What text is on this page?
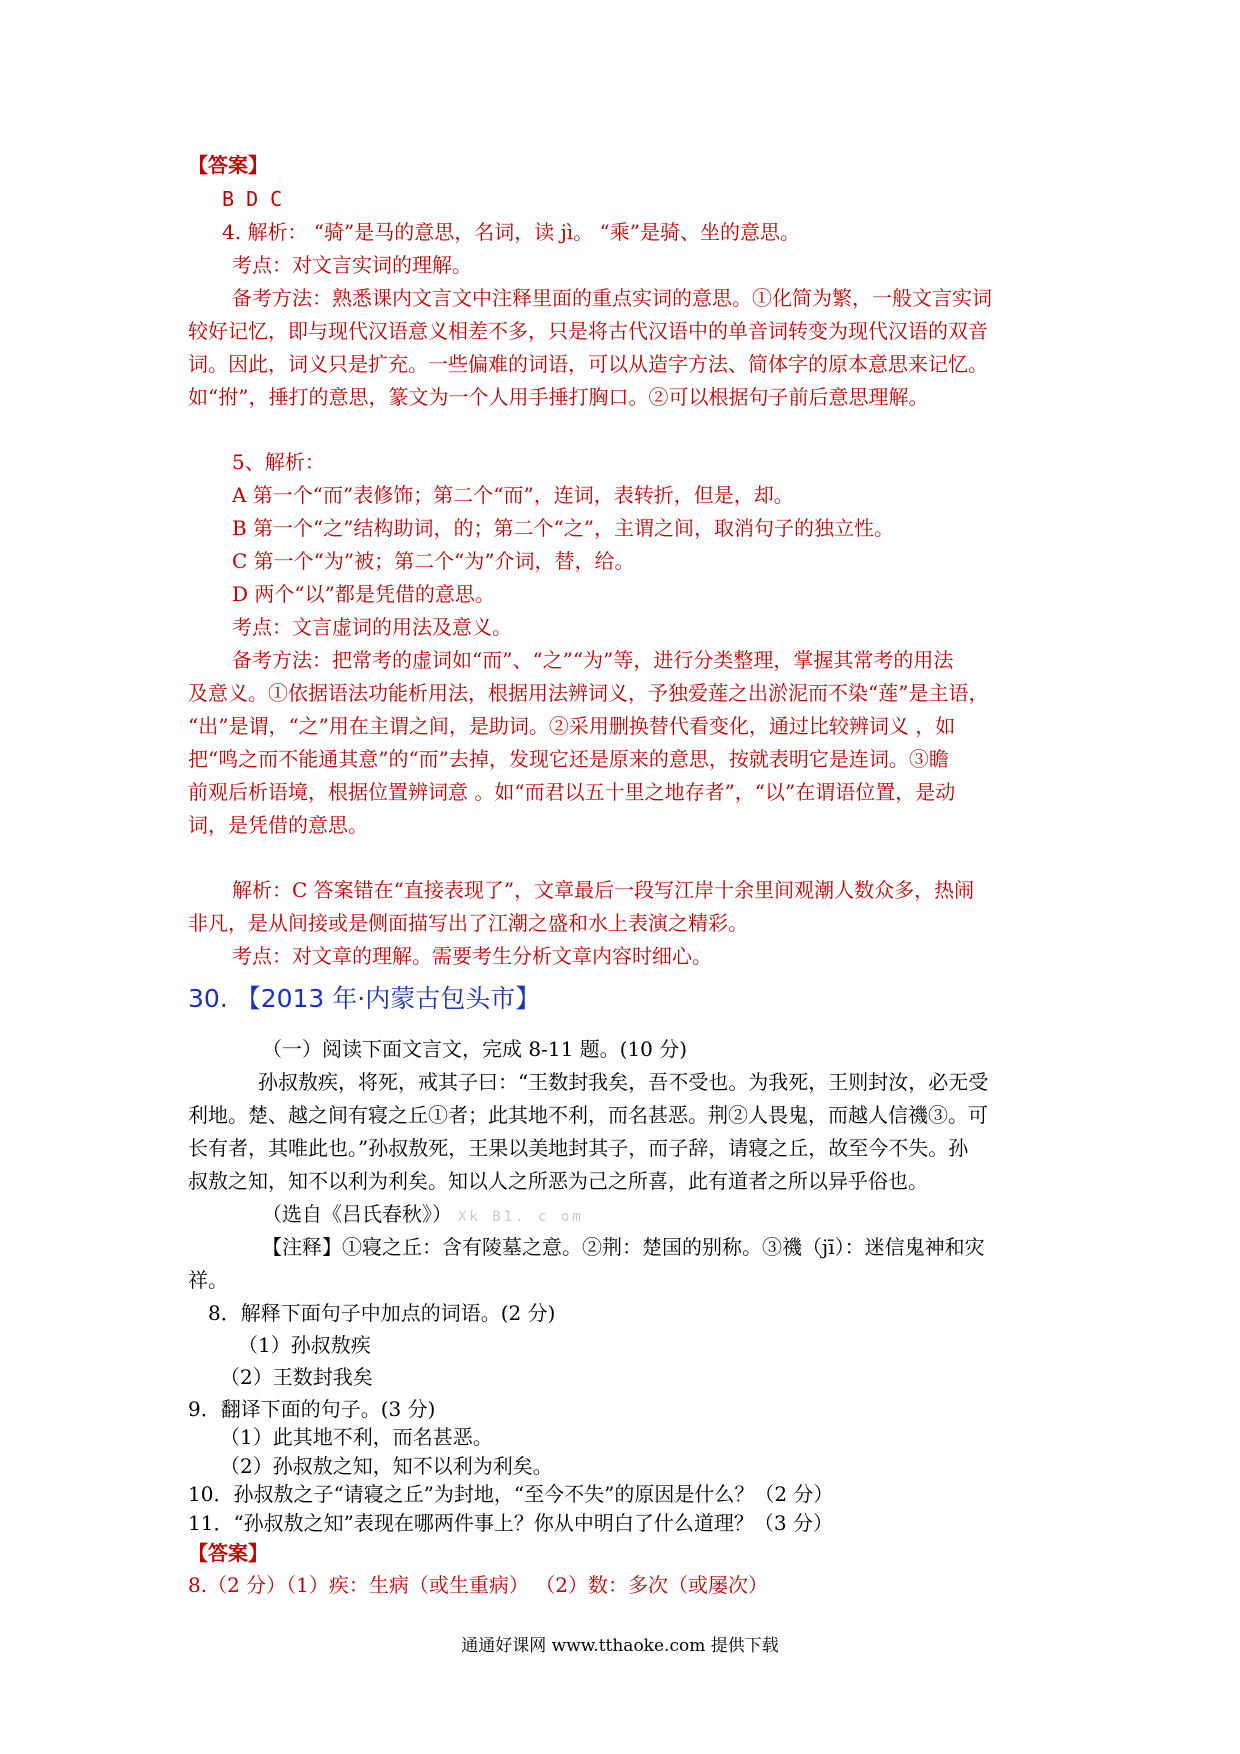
【答案】
B D C
4. 解析： “骑”是马的意思，名词，读 jì。 “乘”是骑、坐的意思。
考点：对文言实词的理解。
备考方法：熟悉课内文言文中注释里面的重点实词的意思。①化简为繁，一般文言实词
较好记忆，即与现代汉语意义相差不多，只是将古代汉语中的单音词转变为现代汉语的双音
词。因此，词义只是扩充。一些偏难的词语，可以从造字方法、简体字的原本意思来记忆。
如“拊”，捶打的意思，篆文为一个人用手捶打胸口。②可以根据句子前后意思理解。
5、解析：
A 第一个“而”表修饰；第二个“而”，连词，表转折，但是，却。
B 第一个“之”结构助词，的；第二个“之”，主谓之间，取消句子的独立性。
C 第一个“为”被；第二个“为”介词，替，给。
D 两个“以”都是凭借的意思。
考点：文言虚词的用法及意义。
备考方法：把常考的虚词如“而”、“之”“为”等，进行分类整理，掌握其常考的用法
及意义。①依据语法功能析用法，根据用法辨词义，予独爱莲之出淤泥而不染“莲”是主语，
“出”是谓，“之”用在主谓之间，是助词。②采用删换替代看变化，通过比较辨词义 ，如
把“鸣之而不能通其意”的“而”去掉，发现它还是原来的意思，按就表明它是连词。③瞻
前观后析语境，根据位置辨词意 。如“而君以五十里之地存者”，“以”在谓语位置，是动
词，是凭借的意思。
解析：C 答案错在“直接表现了”，文章最后一段写江岸十余里间观潮人数众多，热闹
非凡，是从间接或是侧面描写出了江潮之盛和水上表演之精彩。
考点：对文章的理解。需要考生分析文章内容时细心。
30. 【2013 年·内蒙古包头市】
（一）阅读下面文言文，完成 8-11 题。(10 分)
孙叔敖疾，将死，戒其子曰：“王数封我矣，吾不受也。为我死，王则封汝，必无受
利地。楚、越之间有寝之丘①者；此其地不利，而名甚恶。荆②人畏鬼，而越人信禨③。可
长有者，其唯此也。”孙叔敖死，王果以美地封其子，而子辞，请寝之丘，故至今不失。孙
叔敖之知，知不以利为利矣。知以人之所恶为己之所喜，此有道者之所以异乎俗也。
（选自《吕氏春秋》） Xk B1. c om
【注释】①寝之丘：含有陵墓之意。②荆：楚国的别称。③禨（jī）：迷信鬼神和灾
祥。
8．解释下面句子中加点的词语。(2 分)
（1）孙叔敖疾
（2）王数封我矣
9．翻译下面的句子。(3 分)
（1）此其地不利，而名甚恶。
（2）孙叔敖之知，知不以利为利矣。
10．孙叔敖之子“请寝之丘”为封地，“至今不失”的原因是什么？（2 分）
11．“孙叔敖之知”表现在哪两件事上？你从中明白了什么道理？（3 分）
【答案】
8.（2 分）（1）疾：生病（或生重病） （2）数：多次（或屡次）
通通好课网 www.tthaoke.com 提供下载
